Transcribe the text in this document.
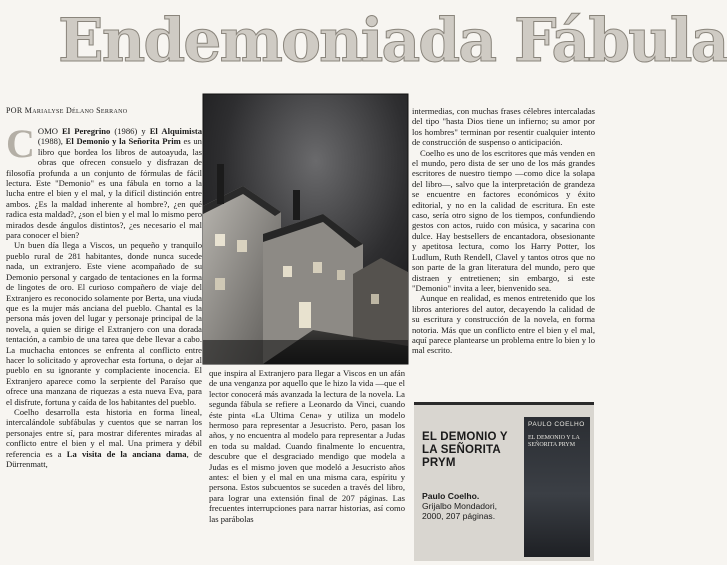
Endemoniada Fábula
POR Marialyse Délano Serrano

COMO El Peregrino (1986) y El Alquimista (1988), El Demonio y la Señorita Prim es un libro que bordea los libros de autoayuda, las obras que ofrecen consuelo y disfrazan de filosofía profunda a un conjunto de fórmulas de fácil lectura. Este "Demonio" es una fábula en torno a la lucha entre el bien y el mal, y la difícil distinción entre ambos. ¿Es la maldad inherente al hombre?, ¿en qué radica esta maldad?, ¿son el bien y el mal lo mismo pero mirados desde ángulos distintos?, ¿es necesario el mal para conocer el bien?

Un buen día llega a Viscos, un pequeño y tranquilo pueblo rural de 281 habitantes, donde nunca sucede nada, un extranjero. Este viene acompañado de su Demonio personal y cargado de tentaciones en la forma de lingotes de oro. El curioso compañero de viaje del Extranjero es reconocido solamente por Berta, una viuda que es la mujer más anciana del pueblo. Chantal es la persona más joven del lugar y personaje principal de la novela, a quien se dirige el Extranjero con una dorada tentación, a cambio de una tarea que debe llevar a cabo. La muchacha entonces se enfrenta al conflicto entre hacer lo solicitado y aprovechar esta fortuna, o dejar al pueblo en su ignorante y complaciente inocencia. El Extranjero aparece como la serpiente del Paraíso que ofrece una manzana de riquezas a esta nueva Eva, para el disfrute, fortuna y caída de los habitantes del pueblo.

Coelho desarrolla esta historia en forma lineal, intercalándole subfábulas y cuentos que se narran los personajes entre sí, para mostrar diferentes miradas al conflicto entre el bien y el mal. Una primera y débil referencia es a La visita de la anciana dama, de Dürrenmatt,

que inspira al Extranjero para llegar a Viscos en un afán de una venganza por aquello que le hizo la vida —que el lector conocerá más avanzada la lectura de la novela. La segunda fábula se refiere a Leonardo da Vinci, cuando éste pinta «La Ultima Cena» y utiliza un modelo hermoso para representar a Jesucristo. Pero, pasan los años, y no encuentra al modelo para representar a Judas en toda su maldad. Cuando finalmente lo encuentra, descubre que el desgraciado mendigo que modela a Judas es el mismo joven que modeló a Jesucristo años antes: el bien y el mal en una misma cara, espíritu y persona. Estos subcuentos se suceden a través del libro, para lograr una extensión final de 207 páginas. Las frecuentes interrupciones para narrar historias, así como las parábolas

intermedias, con muchas frases célebres intercaladas del tipo "hasta Dios tiene un infierno; su amor por los hombres" terminan por resentir cualquier intento de construcción de suspenso o anticipación.

Coelho es uno de los escritores que más venden en el mundo, pero dista de ser uno de los más grandes escritores de nuestro tiempo —como dice la solapa del libro—, salvo que la interpretación de grandeza se encuentre en factores económicos y éxito editorial, y no en la calidad de escritura. En este caso, sería otro signo de los tiempos, confundiendo gestos con actos, ruido con música, y sacarina con dulce. Hay bestsellers de encantadora, obsesionante y apetitosa lectura, como los Harry Potter, los Ludlum, Ruth Rendell, Clavel y tantos otros que no son parte de la gran literatura del mundo, pero que distraen y entretienen; sin embargo, si este "Demonio" invita a leer, bienvenido sea.

Aunque en realidad, es menos entretenido que los libros anteriores del autor, decayendo la calidad de su escritura y construcción de la novela, en forma notoria. Más que un conflicto entre el bien y el mal, aquí parece plantearse un problema entre lo bien y lo mal escrito.

EL DEMONIO Y LA SEÑORITA PRYM
Paulo Coelho.
Grijalbo Mondadori,
2000, 207 páginas.
PAULO COELHO
EL DEMONIO Y LA SEÑORITA PRYM
